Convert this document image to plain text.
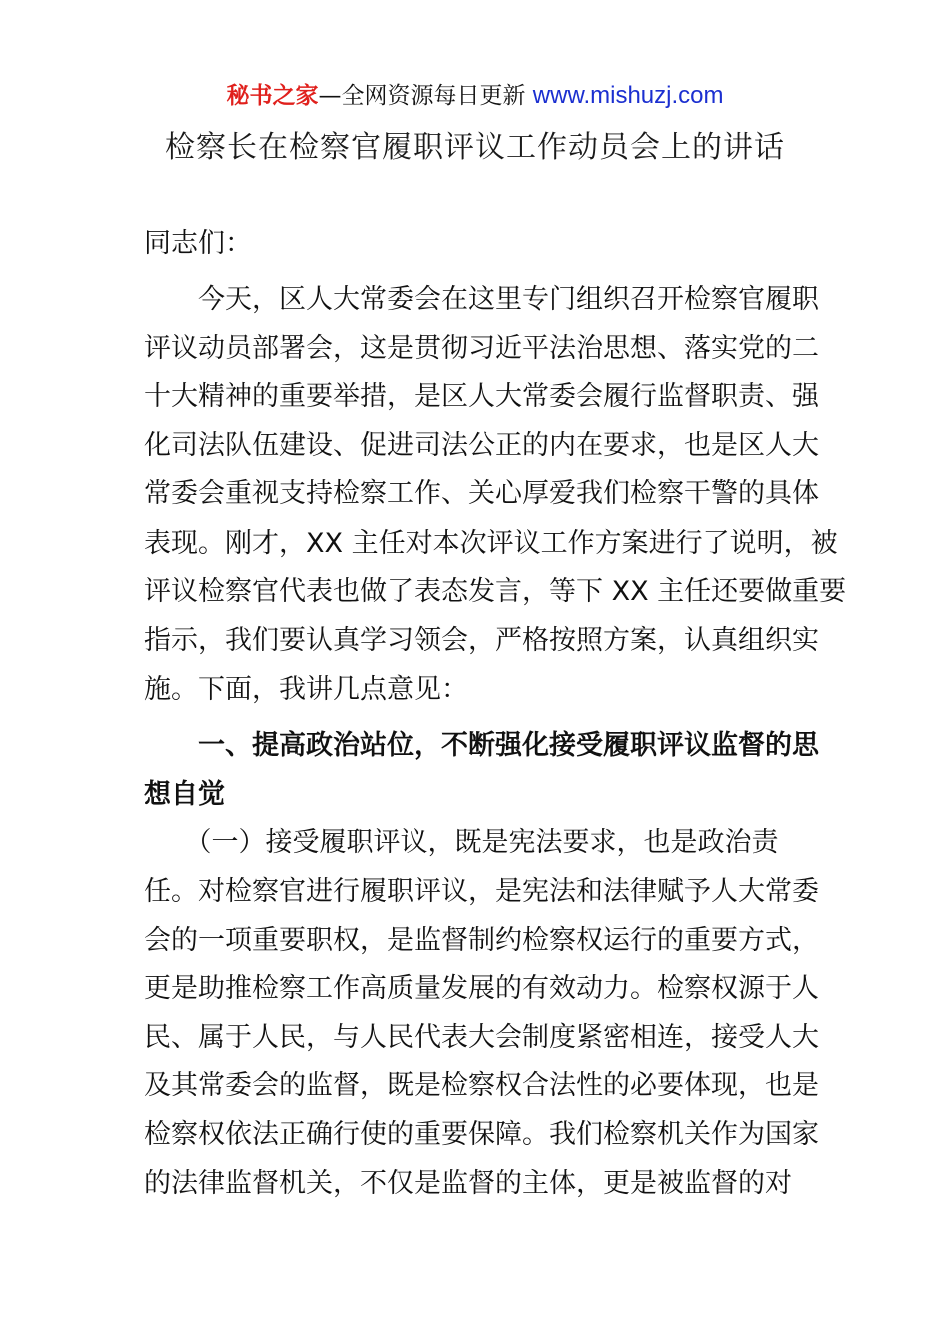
秘书之家—全网资源每日更新 www.mishuzj.com
检察长在检察官履职评议工作动员会上的讲话
同志们：
　　今天，区人大常委会在这里专门组织召开检察官履职
评议动员部署会，这是贯彻习近平法治思想、落实党的二
十大精神的重要举措，是区人大常委会履行监督职责、强
化司法队伍建设、促进司法公正的内在要求，也是区人大
常委会重视支持检察工作、关心厚爱我们检察干警的具体
表现。刚才，XX 主任对本次评议工作方案进行了说明，被
评议检察官代表也做了表态发言，等下 XX 主任还要做重要
指示，我们要认真学习领会，严格按照方案，认真组织实
施。下面，我讲几点意见：
　　一、提高政治站位，不断强化接受履职评议监督的思
想自觉
　　（一）接受履职评议，既是宪法要求，也是政治责
任。对检察官进行履职评议，是宪法和法律赋予人大常委
会的一项重要职权，是监督制约检察权运行的重要方式，
更是助推检察工作高质量发展的有效动力。检察权源于人
民、属于人民，与人民代表大会制度紧密相连，接受人大
及其常委会的监督，既是检察权合法性的必要体现，也是
检察权依法正确行使的重要保障。我们检察机关作为国家
的法律监督机关，不仅是监督的主体，更是被监督的对
